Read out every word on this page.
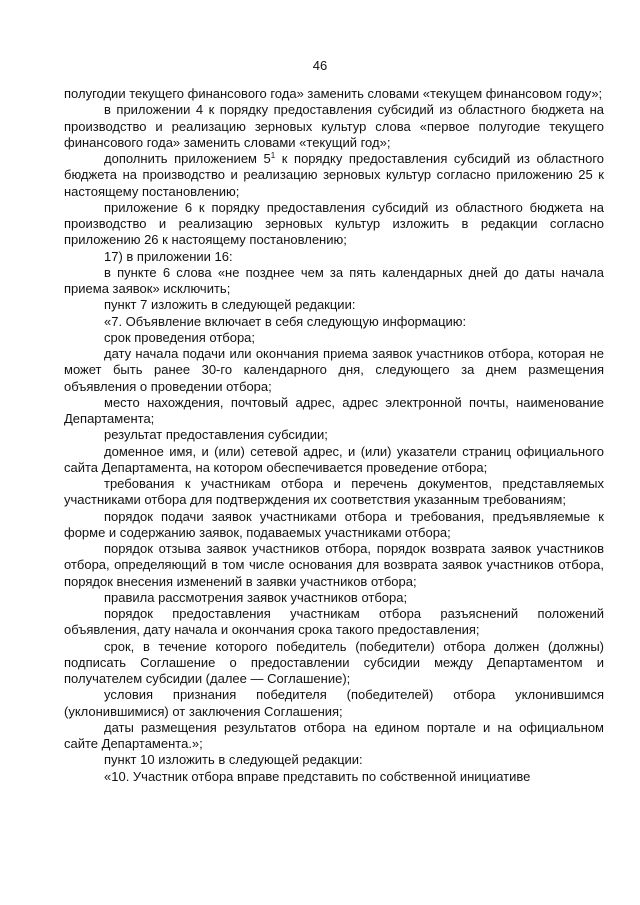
46

полугодии текущего финансового года» заменить словами «текущем финансовом году»;

в приложении 4 к порядку предоставления субсидий из областного бюджета на производство и реализацию зерновых культур слова «первое полугодие текущего финансового года» заменить словами «текущий год»;

дополнить приложением $5^1$ к порядку предоставления субсидий из областного бюджета на производство и реализацию зерновых культур согласно приложению 25 к настоящему постановлению;

приложение 6 к порядку предоставления субсидий из областного бюджета на производство и реализацию зерновых культур изложить в редакции согласно приложению 26 к настоящему постановлению;

17) в приложении 16:

в пункте 6 слова «не позднее чем за пять календарных дней до даты начала приема заявок» исключить;

пункт 7 изложить в следующей редакции:

«7. Объявление включает в себя следующую информацию:

срок проведения отбора;

дату начала подачи или окончания приема заявок участников отбора, которая не может быть ранее 30-го календарного дня, следующего за днем размещения объявления о проведении отбора;

место нахождения, почтовый адрес, адрес электронной почты, наименование Департамента;

результат предоставления субсидии;

доменное имя, и (или) сетевой адрес, и (или) указатели страниц официального сайта Департамента, на котором обеспечивается проведение отбора;

требования к участникам отбора и перечень документов, представляемых участниками отбора для подтверждения их соответствия указанным требованиям;

порядок подачи заявок участниками отбора и требования, предъявляемые к форме и содержанию заявок, подаваемых участниками отбора;

порядок отзыва заявок участников отбора, порядок возврата заявок участников отбора, определяющий в том числе основания для возврата заявок участников отбора, порядок внесения изменений в заявки участников отбора;

правила рассмотрения заявок участников отбора;

порядок предоставления участникам отбора разъяснений положений объявления, дату начала и окончания срока такого предоставления;

срок, в течение которого победитель (победители) отбора должен (должны) подписать Соглашение о предоставлении субсидии между Департаментом и получателем субсидии (далее — Соглашение);

условия признания победителя (победителей) отбора уклонившимся (уклонившимися) от заключения Соглашения;

даты размещения результатов отбора на едином портале и на официальном сайте Департамента.»;

пункт 10 изложить в следующей редакции:

«10. Участник отбора вправе представить по собственной инициативе
